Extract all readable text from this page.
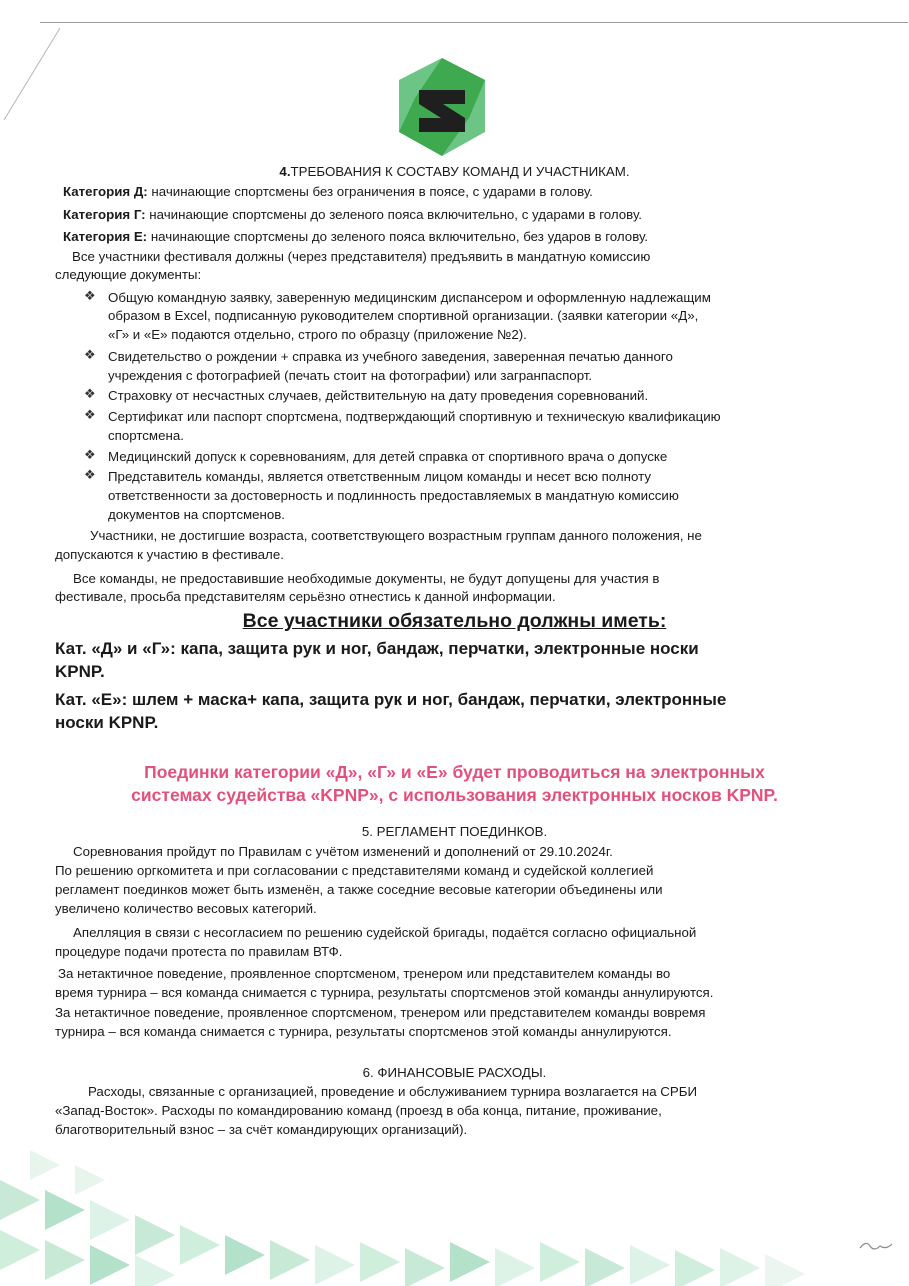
4.ТРЕБОВАНИЯ К СОСТАВУ КОМАНД И УЧАСТНИКАМ.
Категория Д: начинающие спортсмены без ограничения в поясе, с ударами в голову.
Категория Г: начинающие спортсмены до зеленого пояса включительно, с ударами в голову.
Категория Е: начинающие спортсмены до зеленого пояса включительно, без ударов в голову.
Все участники фестиваля должны (через представителя) предъявить в мандатную комиссию
следующие документы:
❖ Общую командную заявку, заверенную медицинским диспансером и оформленную надлежащим
образом в Excel, подписанную руководителем спортивной организации. (заявки категории «Д»,
«Г» и «Е» подаются отдельно, строго по образцу (приложение №2).
❖ Свидетельство о рождении + справка из учебного заведения, заверенная печатью данного
учреждения с фотографией (печать стоит на фотографии) или загранпаспорт.
❖ Страховку от несчастных случаев, действительную на дату проведения соревнований.
❖ Сертификат или паспорт спортсмена, подтверждающий спортивную и техническую квалификацию
спортсмена.
❖ Медицинский допуск к соревнованиям, для детей справка от спортивного врача о допуске
❖ Представитель команды, является ответственным лицом команды и несет всю полноту
ответственности за достоверность и подлинность предоставляемых в мандатную комиссию
документов на спортсменов.
Участники, не достигшие возраста, соответствующего возрастным группам данного положения, не
допускаются к участию в фестивале.
Все команды, не предоставившие необходимые документы, не будут допущены для участия в
фестивале, просьба представителям серьёзно отнестись к данной информации.
Все участники обязательно должны иметь:
Кат. «Д» и «Г»: капа, защита рук и ног, бандаж, перчатки, электронные носки
KPNP.
Кат. «Е»: шлем + маска+ капа, защита рук и ног, бандаж, перчатки, электронные
носки KPNP.
Поединки категории «Д», «Г» и «Е» будет проводиться на электронных
системах судейства «KPNP», с использования электронных носков KPNP.
5. РЕГЛАМЕНТ ПОЕДИНКОВ.
Соревнования пройдут по Правилам с учётом изменений и дополнений от 29.10.2024г.
По решению оргкомитета и при согласовании с представителями команд и судейской коллегией
регламент поединков может быть изменён, а также соседние весовые категории объединены или
увеличено количество весовых категорий.
Апелляция в связи с несогласием по решению судейской бригады, подаётся согласно официальной
процедуре подачи протеста по правилам ВТФ.
За нетактичное поведение, проявленное спортсменом, тренером или представителем команды во
время турнира – вся команда снимается с турнира, результаты спортсменов этой команды аннулируются.
За нетактичное поведение, проявленное спортсменом, тренером или представителем команды вовремя
турнира – вся команда снимается с турнира, результаты спортсменов этой команды аннулируются.
6. ФИНАНСОВЫЕ РАСХОДЫ.
Расходы, связанные с организацией, проведение и обслуживанием турнира возлагается на СРБИ
«Запад-Восток». Расходы по командированию команд (проезд в оба конца, питание, проживание,
благотворительный взнос – за счёт командирующих организаций).
